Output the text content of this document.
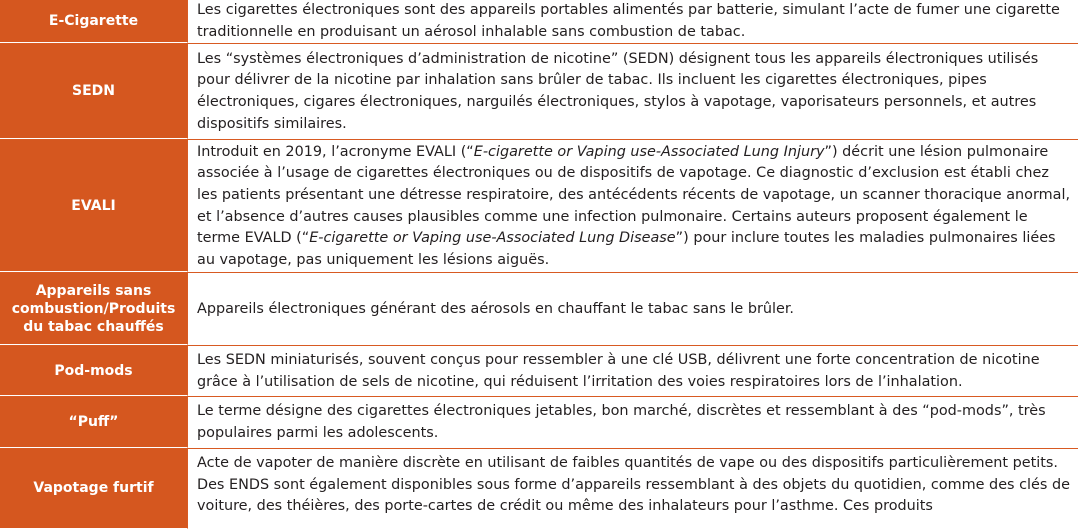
E-Cigarette
Les cigarettes électroniques sont des appareils portables alimentés par batterie, simulant l’acte de fumer une cigarette traditionnelle en produisant un aérosol inhalable sans combustion de tabac.
SEDN
Les “systèmes électroniques d’administration de nicotine” (SEDN) désignent tous les appareils électroniques utilisés pour délivrer de la nicotine par inhalation sans brûler de tabac. Ils incluent les cigarettes électroniques, pipes électroniques, cigares électroniques, narguilés électroniques, stylos à vapotage, vaporisateurs personnels, et autres dispositifs similaires.
EVALI
Introduit en 2019, l’acronyme EVALI (“E-cigarette or Vaping use-Associated Lung Injury”) décrit une lésion pulmonaire associée à l’usage de cigarettes électroniques ou de dispositifs de vapotage. Ce diagnostic d’exclusion est établi chez les patients présentant une détresse respiratoire, des antécédents récents de vapotage, un scanner thoracique anormal, et l’absence d’autres causes plausibles comme une infection pulmonaire. Certains auteurs proposent également le terme EVALD (“E-cigarette or Vaping use-Associated Lung Disease”) pour inclure toutes les maladies pulmonaires liées au vapotage, pas uniquement les lésions aiguës.
Appareils sans combustion/Produits du tabac chauffés
Appareils électroniques générant des aérosols en chauffant le tabac sans le brûler.
Pod-mods
Les SEDN miniaturisés, souvent conçus pour ressembler à une clé USB, délivrent une forte concentration de nicotine grâce à l’utilisation de sels de nicotine, qui réduisent l’irritation des voies respiratoires lors de l’inhalation.
“Puff”
Le terme désigne des cigarettes électroniques jetables, bon marché, discrètes et ressemblant à des “pod-mods”, très populaires parmi les adolescents.
Vapotage furtif
Acte de vapoter de manière discrète en utilisant de faibles quantités de vape ou des dispositifs particulièrement petits. Des ENDS sont également disponibles sous forme d’appareils ressemblant à des objets du quotidien, comme des clés de voiture, des théières, des porte-cartes de crédit ou même des inhalateurs pour l’asthme. Ces produits
